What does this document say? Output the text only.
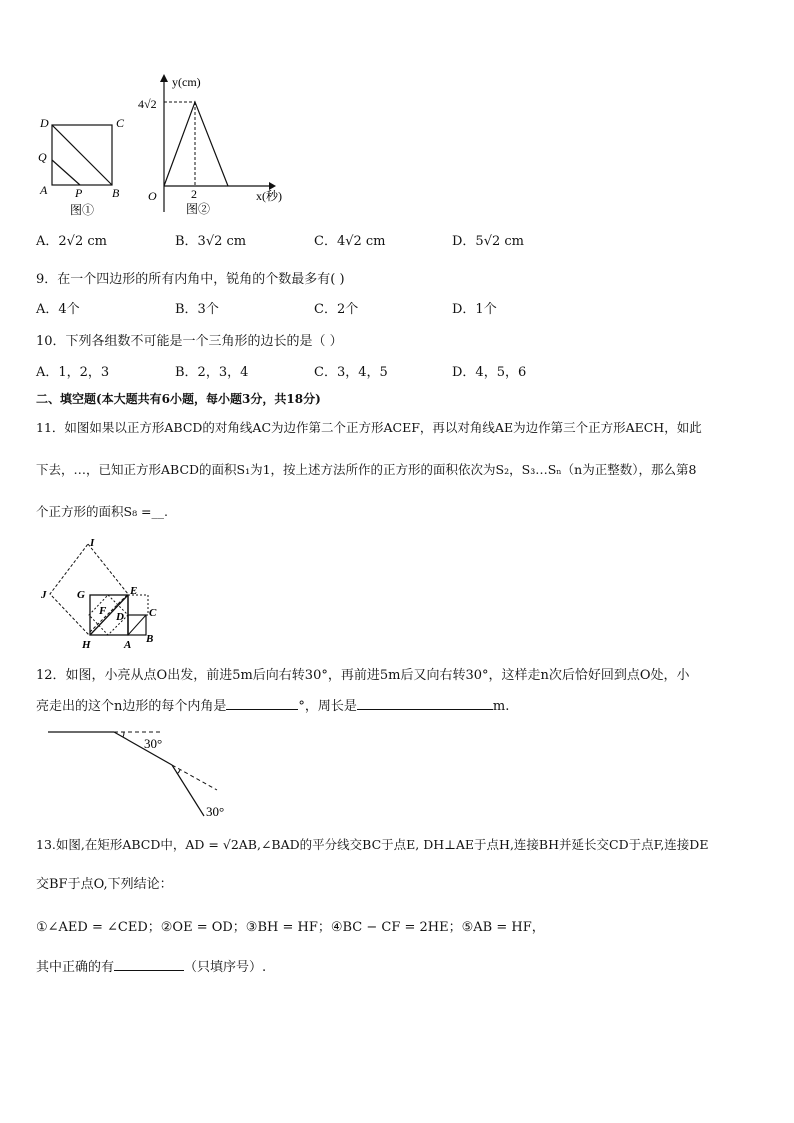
D	C
Q
A P B
图①
y(cm)
4√2
O	2	x(秒)
图②
A．2√2 cm	B．3√2 cm	C．4√2 cm	D．5√2 cm
9．在一个四边形的所有内角中，锐角的个数最多有( )
A．4个	B．3个	C．2个	D．1个
10．下列各组数不可能是一个三角形的边长的是（ ）
A．1，2，3	B．2，3，4	C．3，4，5	D．4，5，6
二、填空题(本大题共有6小题，每小题3分，共18分)
11．如图如果以正方形ABCD的对角线AC为边作第二个正方形ACEF，再以对角线AE为边作第三个正方形AECH，如此
下去，…，已知正方形ABCD的面积S₁为1，按上述方法所作的正方形的面积依次为S₂，S₃…Sₙ（n为正整数），那么第8
个正方形的面积S₈ =__.
I
J	G	E
F D C
H	A B
12．如图，小亮从点O出发，前进5m后向右转30°，再前进5m后又向右转30°，这样走n次后恰好回到点O处，小
亮走出的这个n边形的每个内角是	°，周长是	m.
30°
30°
13.如图,在矩形ABCD中，AD = √2AB,∠BAD的平分线交BC于点E, DH⊥AE于点H,连接BH并延长交CD于点F,连接DE
交BF于点O,下列结论：
①∠AED = ∠CED；②OE = OD；③BH = HF；④BC − CF = 2HE；⑤AB = HF，
其中正确的有	（只填序号）.
